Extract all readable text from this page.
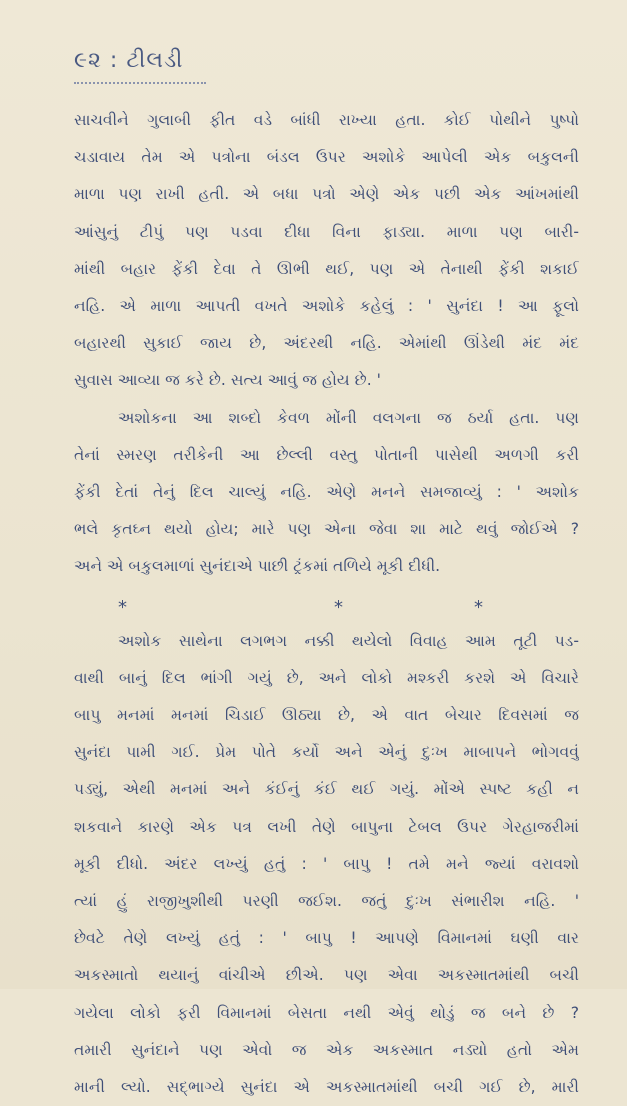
૯૨ : ટીલડી
સાચવીને ગુલાબી ફીત વડે બાંધી રાખ્યા હતા. કોઈ પોથીને પુષ્પો
ચડાવાય તેમ એ પત્રોના બંડલ ઉપર અશોકે આપેલી એક બકુલની
માળા પણ રાખી હતી. એ બધા પત્રો એણે એક પછી એક આંખમાંથી
આંસુનું ટીપું પણ પડવા દીધા વિના ફાડ્યા. માળા પણ બારી-
માંથી બહાર ફેંકી દેવા તે ઊભી થઈ, પણ એ તેનાથી ફેંકી શકાઈ
નહિ. એ માળા આપતી વખતે અશોકે કહેલું : ' સુનંદા ! આ ફૂલો
બહારથી સુકાઈ જાય છે, અંદરથી નહિ. એમાંથી ઊંડેથી મંદ મંદ
સુવાસ આવ્યા જ કરે છે. સત્ય આવું જ હોય છે. '
અશોકના આ શબ્દો કેવળ મોંની વલગના જ ઠર્યા હતા. પણ
તેનાં સ્મરણ તરીકેની આ છેલ્લી વસ્તુ પોતાની પાસેથી અળગી કરી
ફેંકી દેતાં તેનું દિલ ચાલ્યું નહિ. એણે મનને સમજાવ્યું : ' અશોક
ભલે કૃતઘ્ન થયો હોય; મારે પણ એના જેવા શા માટે થવું જોઈએ ?
અને એ બકુલમાળાં સુનંદાએ પાછી ટ્રંકમાં તળિયે મૂકી દીધી.
*	*	*
અશોક સાથેના લગભગ નક્કી થયેલો વિવાહ આમ તૂટી પડ-
વાથી બાનું દિલ ભાંગી ગયું છે, અને લોકો મશ્કરી કરશે એ વિચારે
બાપુ મનમાં મનમાં ચિડાઈ ઊઠ્યા છે, એ વાત બેચાર દિવસમાં જ
સુનંદા પામી ગઈ. પ્રેમ પોતે કર્યો અને એનું દુઃખ માબાપને ભોગવવું
પડ્યું, એથી મનમાં અને કંઈનું કંઈ થઈ ગયું. મોંએ સ્પષ્ટ કહી ન
શકવાને કારણે એક પત્ર લખી તેણે બાપુના ટેબલ ઉપર ગેરહાજરીમાં
મૂકી દીધો. અંદર લખ્યું હતું : ' બાપુ ! તમે મને જ્યાં વરાવશો
ત્યાં હું રાજીખુશીથી પરણી જઈશ. જતું દુઃખ સંભારીશ નહિ. '
છેવટે તેણે લખ્યું હતું : ' બાપુ ! આપણે વિમાનમાં ઘણી વાર
અકસ્માતો થયાનું વાંચીએ છીએ. પણ એવા અકસ્માતમાંથી બચી
ગયેલા લોકો ફરી વિમાનમાં બેસતા નથી એવું થોડું જ બને છે ?
તમારી સુનંદાને પણ એવો જ એક અકસ્માત નડ્યો હતો એમ
માની લ્યો. સદ્ભાગ્યે સુનંદા એ અકસ્માતમાંથી બચી ગઈ છે, મારી
